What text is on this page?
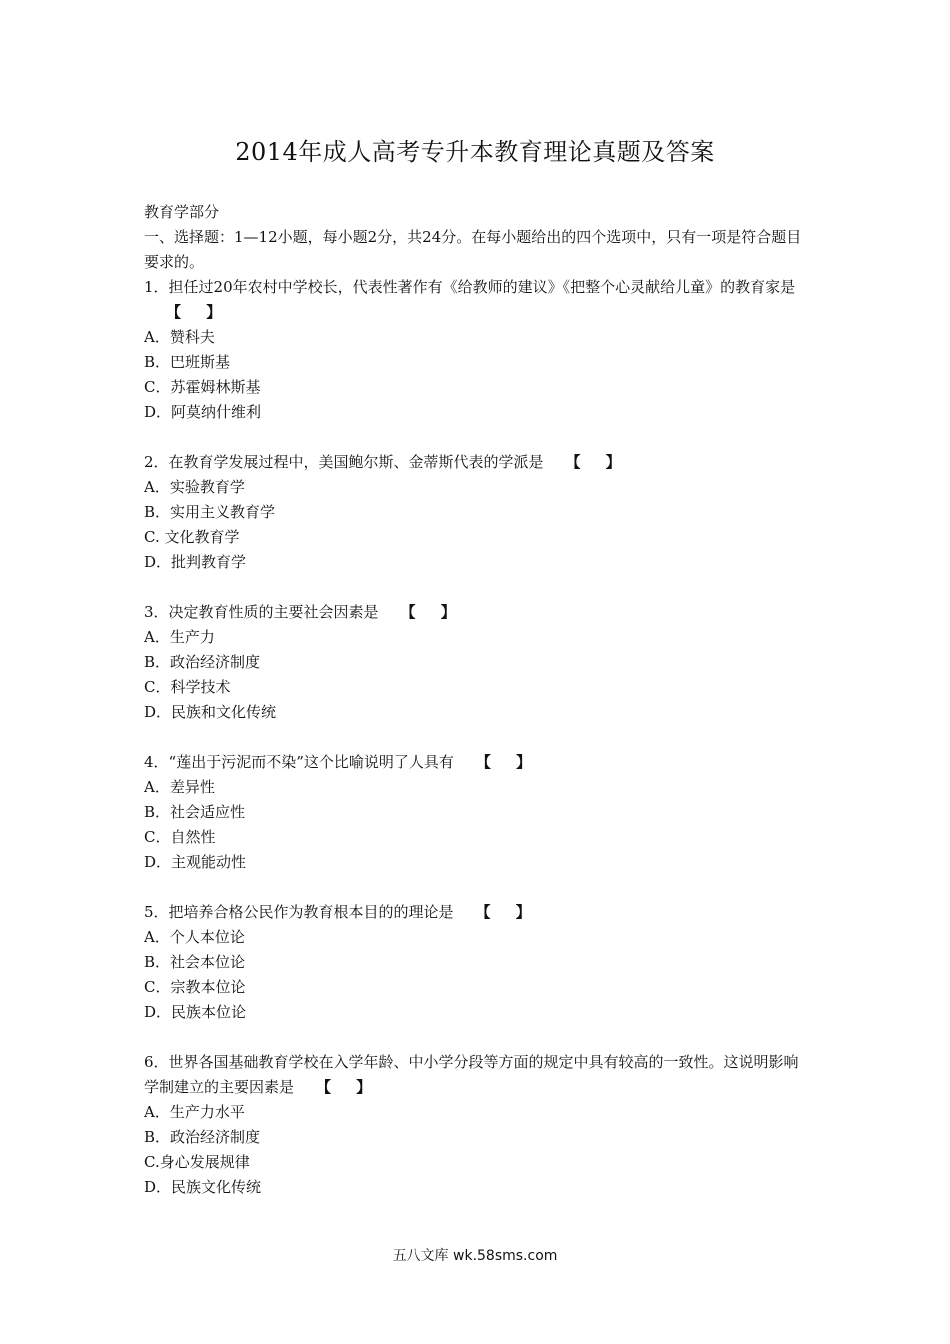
2014年成人高考专升本教育理论真题及答案
教育学部分
一、选择题：1—12小题，每小题2分，共24分。在每小题给出的四个选项中，只有一项是符合题目要求的。
1．担任过20年农村中学校长，代表性著作有《给教师的建议》《把整个心灵献给儿童》的教育家是【 】
A．赞科夫
B．巴班斯基
C．苏霍姆林斯基
D．阿莫纳什维利
2．在教育学发展过程中，美国鲍尔斯、金蒂斯代表的学派是 【 】
A．实验教育学
B．实用主义教育学
C. 文化教育学
D．批判教育学
3．决定教育性质的主要社会因素是 【 】
A．生产力
B．政治经济制度
C．科学技术
D．民族和文化传统
4．“莲出于污泥而不染”这个比喻说明了人具有 【 】
A．差异性
B．社会适应性
C．自然性
D．主观能动性
5．把培养合格公民作为教育根本目的的理论是 【 】
A．个人本位论
B．社会本位论
C．宗教本位论
D．民族本位论
6．世界各国基础教育学校在入学年龄、中小学分段等方面的规定中具有较高的一致性。这说明影响学制建立的主要因素是 【 】
A．生产力水平
B．政治经济制度
C.身心发展规律
D．民族文化传统
五八文库 wk.58sms.com
